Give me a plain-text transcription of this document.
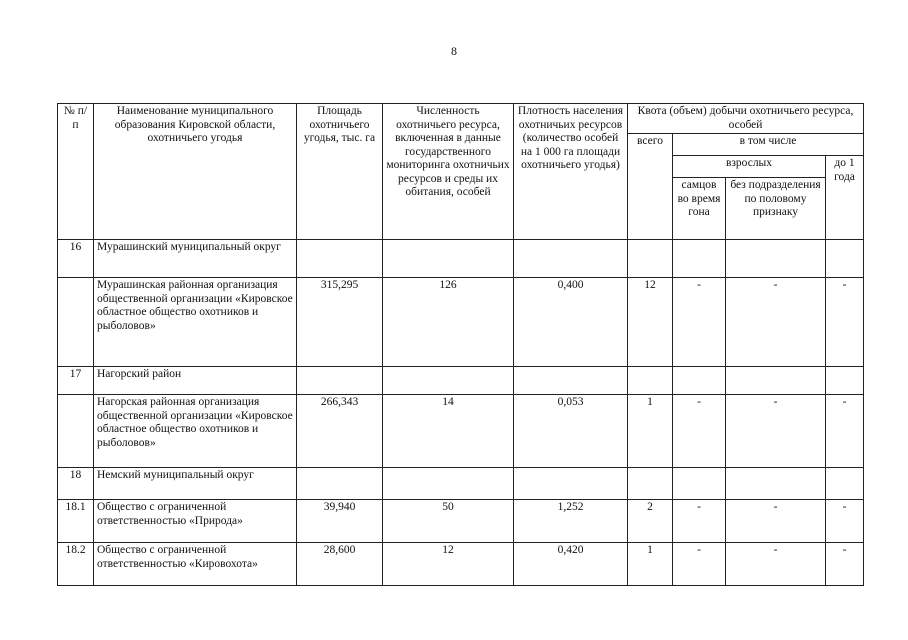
8
№ п/п	Наименование муниципального образования Кировской области, охотничьего угодья	Площадь охотничьего угодья, тыс. га	Численность охотничьего ресурса, включенная в данные государственного мониторинга охотничьих ресурсов и среды их обитания, особей	Плотность населения охотничьих ресурсов (количество особей на 1 000 га площади охотничьего угодья)	Квота (объем) добычи охотничьего ресурса, особей			
					всего	в том числе		
						взрослых		до 1 года
						самцов во время гона	без подразделения по половому признаку	
16	Мурашинский муниципальный округ							
	Мурашинская районная организация общественной организации «Кировское областное общество охотников и рыболовов»	315,295	126	0,400	12	-	-	-
17	Нагорский район							
	Нагорская районная организация общественной организации «Кировское областное общество охотников и рыболовов»	266,343	14	0,053	1	-	-	-
18	Немский муниципальный округ							
18.1	Общество с ограниченной ответственностью «Природа»	39,940	50	1,252	2	-	-	-
18.2	Общество с ограниченной ответственностью «Кировохота»	28,600	12	0,420	1	-	-	-
